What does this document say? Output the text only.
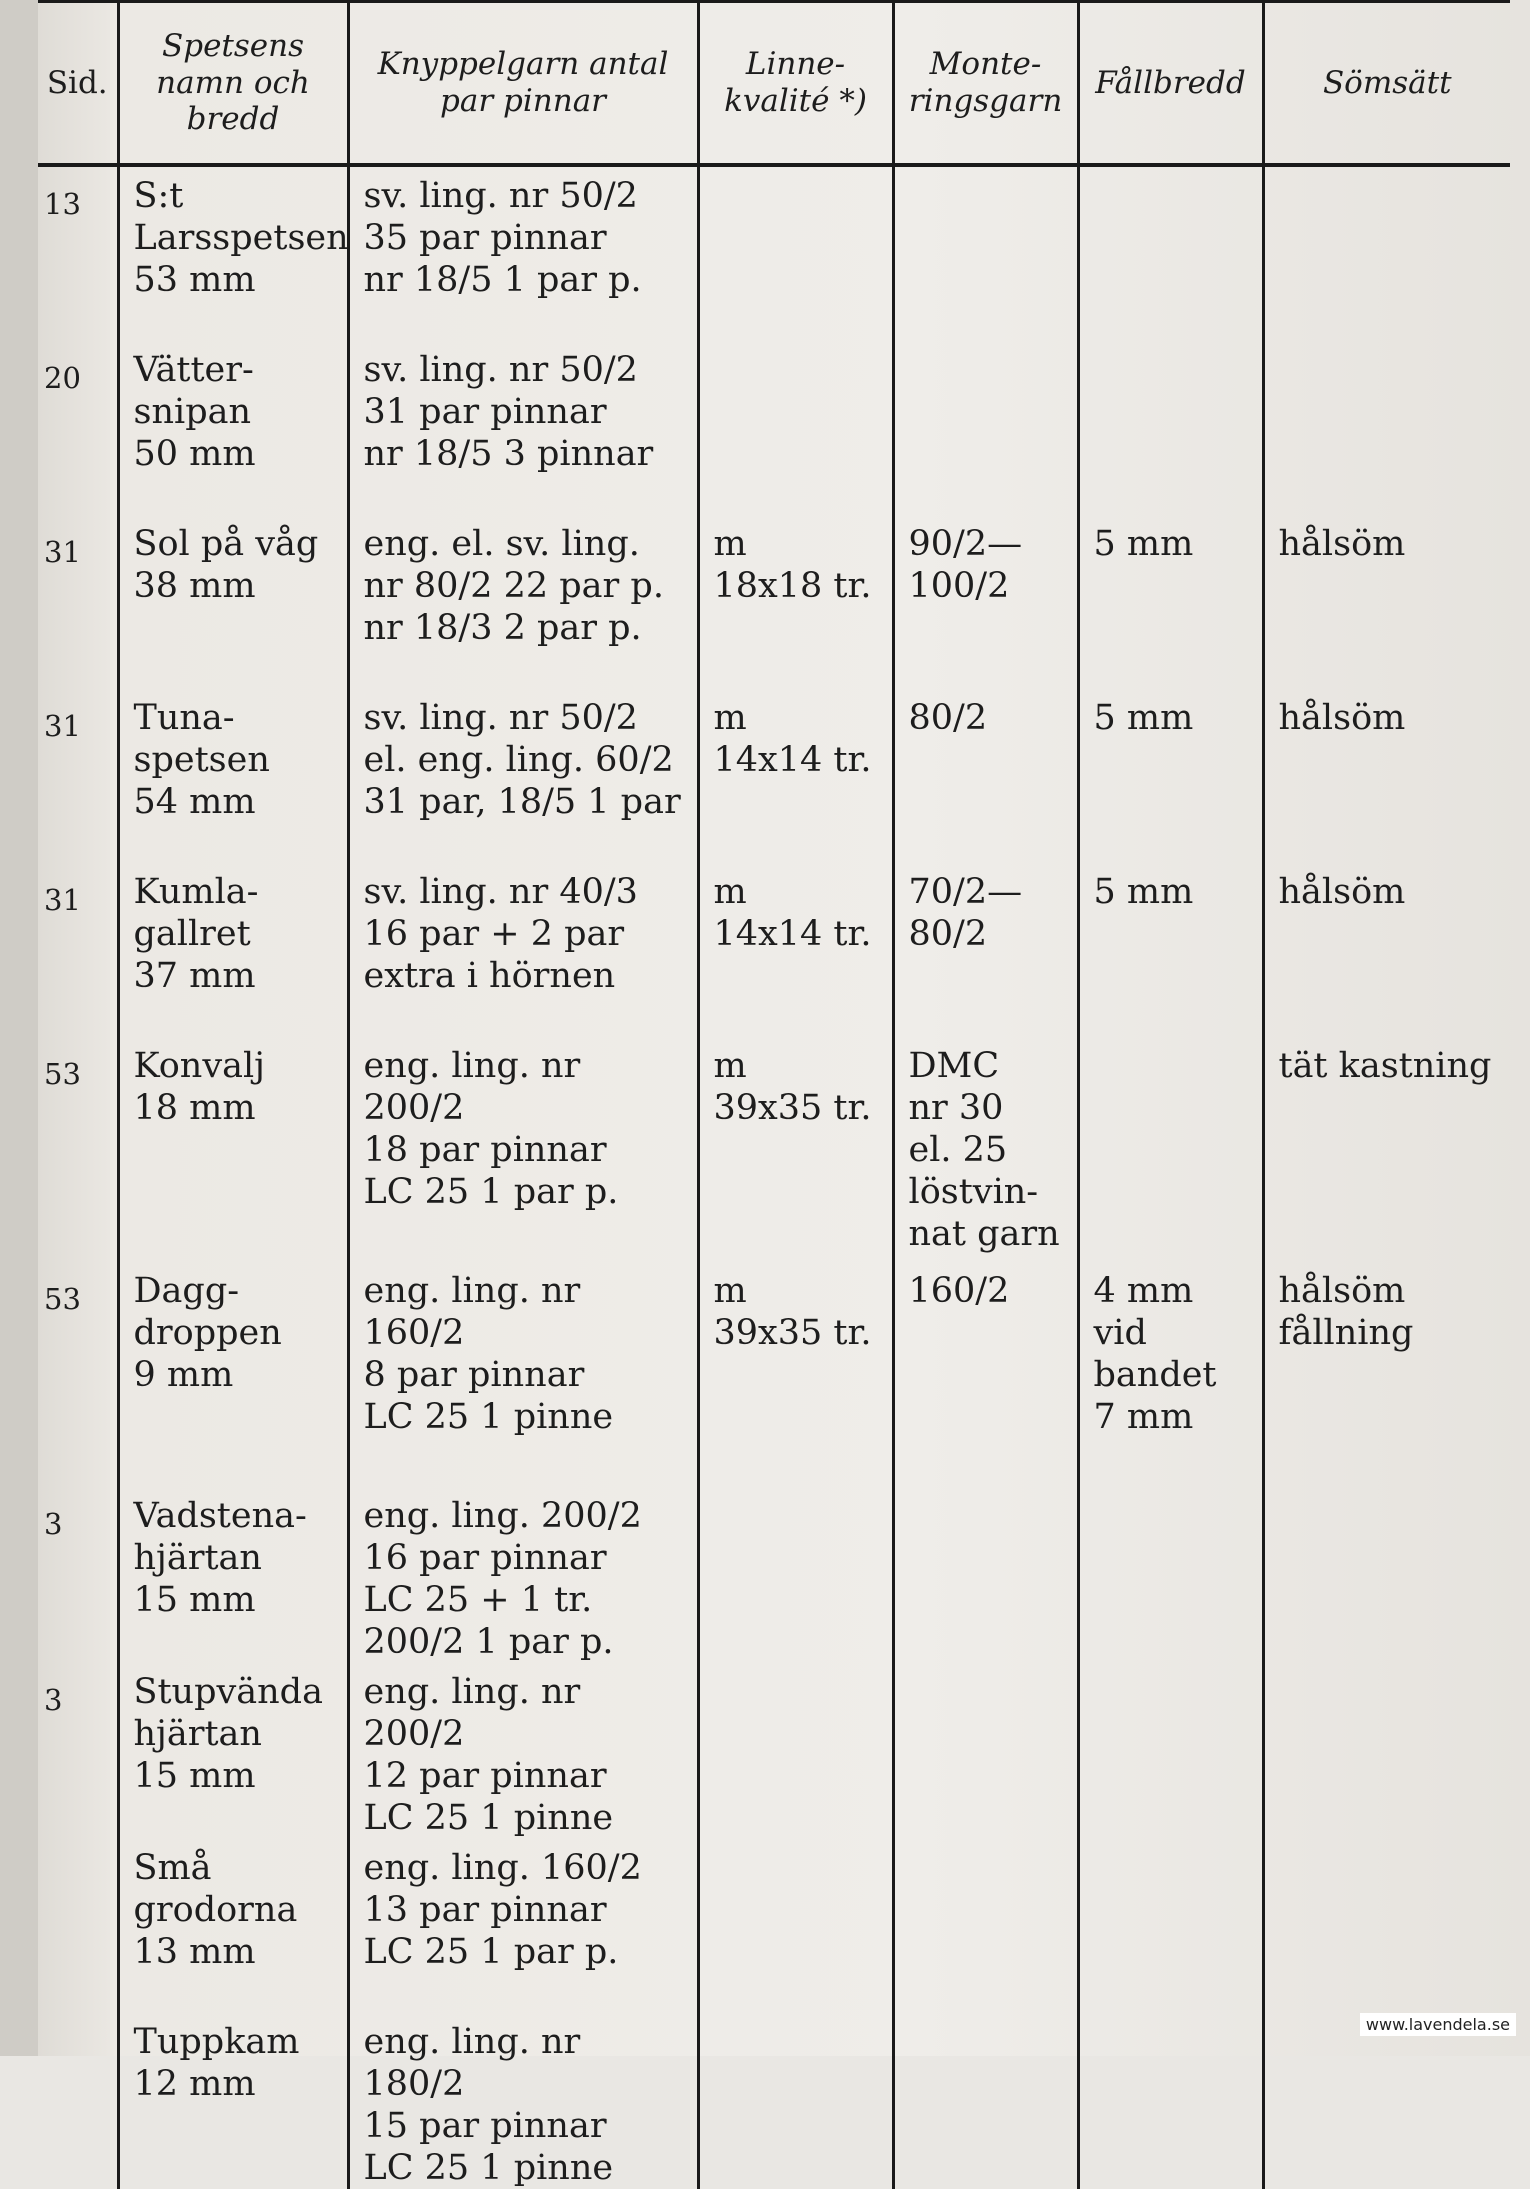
Sid.	Spetsens namn och bredd	Knyppelgarn antal par pinnar	Linne- kvalité *)	Monte- ringsgarn	Fållbredd	Sömsätt
13	S:t
Larsspetsen
53 mm	sv. ling. nr 50/2
35 par pinnar
nr 18/5 1 par p.				
20	Vätter-
snipan
50 mm	sv. ling. nr 50/2
31 par pinnar
nr 18/5 3 pinnar				
31	Sol på våg
38 mm	eng. el. sv. ling.
nr 80/2 22 par p.
nr 18/3 2 par p.	m
18x18 tr.	90/2—
100/2	5 mm	hålsöm
31	Tuna-
spetsen
54 mm	sv. ling. nr 50/2
el. eng. ling. 60/2
31 par, 18/5 1 par	m
14x14 tr.	80/2	5 mm	hålsöm
31	Kumla-
gallret
37 mm	sv. ling. nr 40/3
16 par + 2 par
extra i hörnen	m
14x14 tr.	70/2—
80/2	5 mm	hålsöm
53	Konvalj
18 mm	eng. ling. nr 200/2
18 par pinnar
LC 25 1 par p.	m
39x35 tr.	DMC
nr 30
el. 25
löstvin-
nat garn		tät kastning
53	Dagg-
droppen
9 mm	eng. ling. nr 160/2
8 par pinnar
LC 25 1 pinne	m
39x35 tr.	160/2	4 mm
vid
bandet
7 mm	hålsöm
fållning
3	Vadstena-
hjärtan
15 mm	eng. ling. 200/2
16 par pinnar
LC 25 + 1 tr.
200/2 1 par p.				
3	Stupvända
hjärtan
15 mm	eng. ling. nr 200/2
12 par pinnar
LC 25 1 pinne				
	Små
grodorna
13 mm	eng. ling. 160/2
13 par pinnar
LC 25 1 par p.				
	Tuppkam
12 mm	eng. ling. nr 180/2
15 par pinnar
LC 25 1 pinne				
www.lavendela.se
